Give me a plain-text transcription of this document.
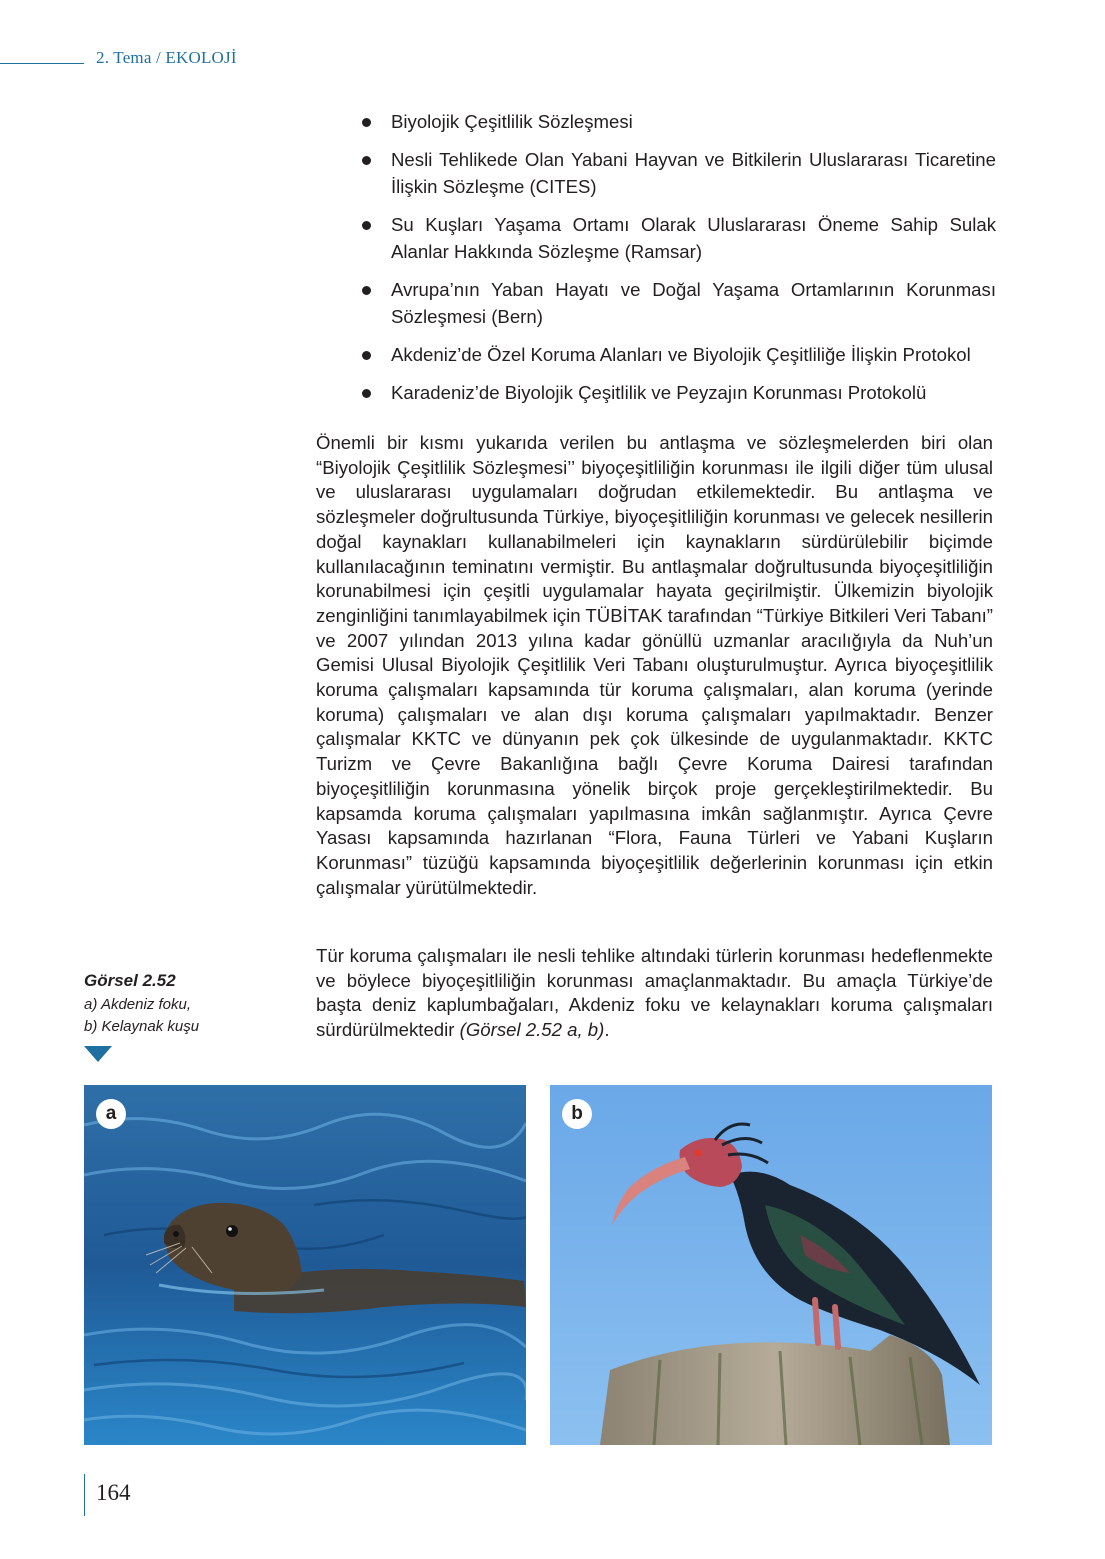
2. Tema / EKOLOJİ
Biyolojik Çeşitlilik Sözleşmesi
Nesli Tehlikede Olan Yabani Hayvan ve Bitkilerin Uluslararası Ticaretine İlişkin Sözleşme (CITES)
Su Kuşları Yaşama Ortamı Olarak Uluslararası Öneme Sahip Sulak Alanlar Hakkında Sözleşme (Ramsar)
Avrupa’nın Yaban Hayatı ve Doğal Yaşama Ortamlarının Korunması Sözleşmesi (Bern)
Akdeniz’de Özel Koruma Alanları ve Biyolojik Çeşitliliğe İlişkin Protokol
Karadeniz’de Biyolojik Çeşitlilik ve Peyzajın Korunması Protokolü

Önemli bir kısmı yukarıda verilen bu antlaşma ve sözleşmelerden biri olan “Biyolojik Çeşitlilik Sözleşmesi’’ biyoçeşitliliğin korunması ile ilgili diğer tüm ulusal ve uluslararası uygulamaları doğrudan etkilemektedir. Bu antlaşma ve sözleşmeler doğrultusunda Türkiye, biyoçeşitliliğin korunması ve gelecek nesillerin doğal kaynakları kullanabilmeleri için kaynakların sürdürülebilir biçimde kullanılacağının teminatını vermiştir. Bu antlaşmalar doğrultusunda biyoçeşitliliğin korunabilmesi için çeşitli uygulamalar hayata geçirilmiştir. Ülkemizin biyolojik zenginliğini tanımlayabilmek için TÜBİTAK tarafından “Türkiye Bitkileri Veri Tabanı” ve 2007 yılından 2013 yılına kadar gönüllü uzmanlar aracılığıyla da Nuh’un Gemisi Ulusal Biyolojik Çeşitlilik Veri Tabanı oluşturulmuştur. Ayrıca biyoçeşitlilik koruma çalışmaları kapsamında tür koruma çalışmaları, alan koruma (yerinde koruma) çalışmaları ve alan dışı koruma çalışmaları yapılmaktadır. Benzer çalışmalar KKTC ve dünyanın pek çok ülkesinde de uygulanmaktadır. KKTC Turizm ve Çevre Bakanlığına bağlı Çevre Koruma Dairesi tarafından biyoçeşitliliğin korunmasına yönelik birçok proje gerçekleştirilmektedir. Bu kapsamda koruma çalışmaları yapılmasına imkân sağlanmıştır. Ayrıca Çevre Yasası kapsamında hazırlanan “Flora, Fauna Türleri ve Yabani Kuşların Korunması” tüzüğü kapsamında biyoçeşitlilik değerlerinin korunması için etkin çalışmalar yürütülmektedir.

Tür koruma çalışmaları ile nesli tehlike altındaki türlerin korunması hedeflenmekte ve böylece biyoçeşitliliğin korunması amaçlanmaktadır. Bu amaçla Türkiye’de başta deniz kaplumbağaları, Akdeniz foku ve kelaynakları koruma çalışmaları sürdürülmektedir (Görsel 2.52 a, b).

Görsel 2.52
a) Akdeniz foku,
b) Kelaynak kuşu
a	b
164
